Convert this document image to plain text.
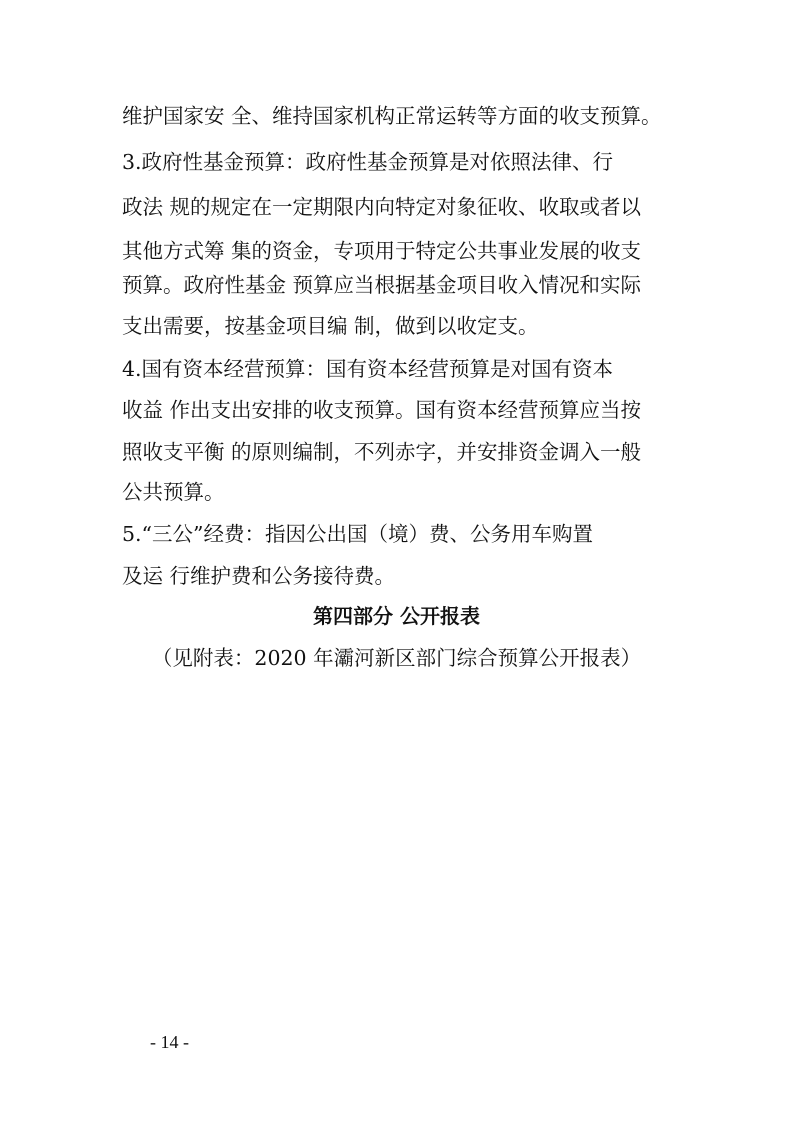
维护国家安 全、维持国家机构正常运转等方面的收支预算。
3.政府性基金预算：政府性基金预算是对依照法律、行
政法 规的规定在一定期限内向特定对象征收、收取或者以
其他方式筹 集的资金，专项用于特定公共事业发展的收支
预算。政府性基金 预算应当根据基金项目收入情况和实际
支出需要，按基金项目编 制，做到以收定支。
4.国有资本经营预算：国有资本经营预算是对国有资本
收益 作出支出安排的收支预算。国有资本经营预算应当按
照收支平衡 的原则编制，不列赤字，并安排资金调入一般
公共预算。
5.“三公”经费：指因公出国（境）费、公务用车购置
及运 行维护费和公务接待费。
第四部分 公开报表
（见附表：2020 年灞河新区部门综合预算公开报表）
- 14 -
